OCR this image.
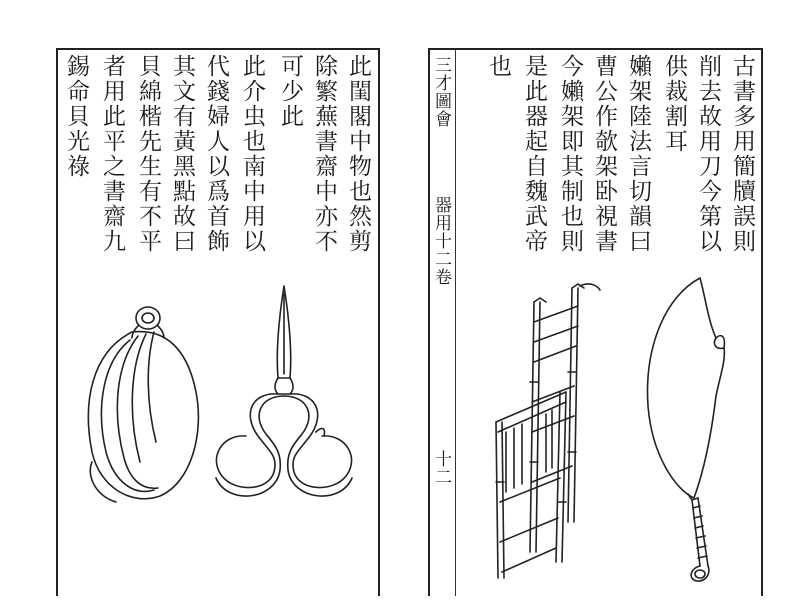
此閨閣中物也然剪
除繁蕪書齋中亦不
可少此
此介虫也南中用以
代錢婦人以爲首飾
其文有黃黑點故曰
貝綿楷先生有不平
者用此平之書齋九
錫命貝光祿	三才圖會
器用十二卷
十二
古書多用簡牘誤則
削去故用刀今第以
供裁割耳
嬾架陸法言切韻曰
曹公作欹架卧視書
今嬾架即其制也則
是此器起自魏武帝
也
